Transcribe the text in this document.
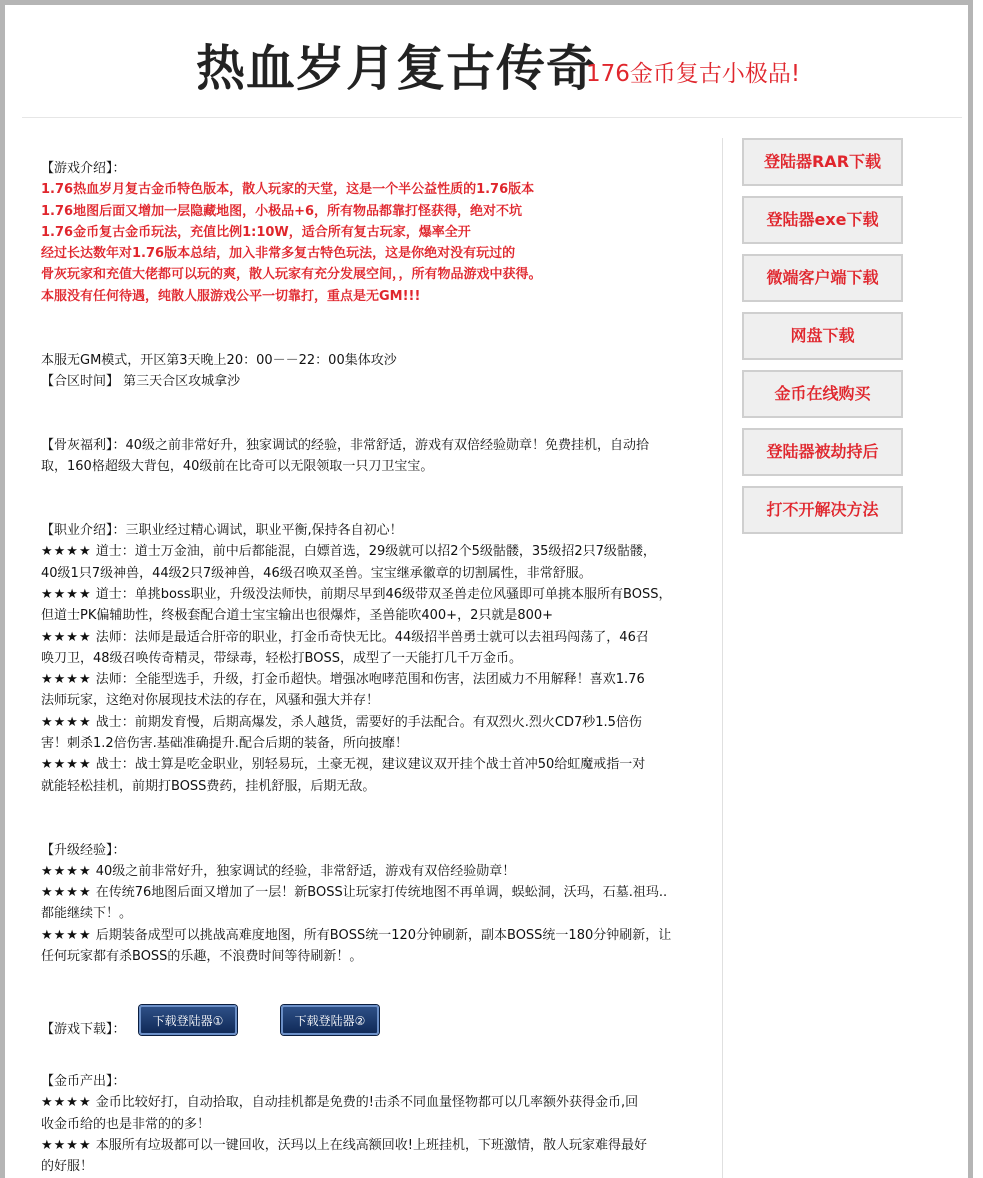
热血岁月复古传奇
176金币复古小极品!
登陆器RAR下载
登陆器exe下载
微端客户端下载
网盘下载
金币在线购买
登陆器被劫持后
打不开解决方法

【游戏介绍】：

1.76热血岁月复古金币特色版本，散人玩家的天堂，这是一个半公益性质的1.76版本

1.76地图后面又增加一层隐藏地图，小极品+6，所有物品都靠打怪获得，绝对不坑

1.76金币复古金币玩法，充值比例1:10W，适合所有复古玩家，爆率全开

经过长达数年对1.76版本总结，加入非常多复古特色玩法，这是你绝对没有玩过的

骨灰玩家和充值大佬都可以玩的爽，散人玩家有充分发展空间，，所有物品游戏中获得。

本服没有任何待遇，纯散人服游戏公平一切靠打，重点是无GM!!!

本服无GM模式，开区第3天晚上20：00－－22：00集体攻沙

【合区时间】 第三天合区攻城拿沙

【骨灰福利】：40级之前非常好升，独家调试的经验，非常舒适，游戏有双倍经验勋章！免费挂机，自动拾

取，160格超级大背包，40级前在比奇可以无限领取一只刀卫宝宝。

【职业介绍】：三职业经过精心调试，职业平衡,保持各自初心！

★★★★ 道士：道士万金油，前中后都能混，白嫖首选，29级就可以招2个5级骷髅，35级招2只7级骷髅，

40级1只7级神兽，44级2只7级神兽，46级召唤双圣兽。宝宝继承徽章的切割属性，非常舒服。

★★★★ 道士：单挑boss职业，升级没法师快，前期尽早到46级带双圣兽走位风骚即可单挑本服所有BOSS，

但道士PK偏辅助性，终极套配合道士宝宝输出也很爆炸，圣兽能吹400+，2只就是800+

★★★★ 法师：法师是最适合肝帝的职业，打金币奇快无比。44级招半兽勇士就可以去祖玛闯荡了，46召

唤刀卫，48级召唤传奇精灵，带绿毒，轻松打BOSS，成型了一天能打几千万金币。

★★★★ 法师：全能型选手，升级，打金币超快。增强冰咆哮范围和伤害，法团威力不用解释！喜欢1.76

法师玩家，这绝对你展现技术法的存在，风骚和强大并存！

★★★★ 战士：前期发育慢，后期高爆发，杀人越货，需要好的手法配合。有双烈火.烈火CD7秒1.5倍伤

害！刺杀1.2倍伤害.基础准确提升.配合后期的装备，所向披靡！

★★★★ 战士：战士算是吃金职业，别轻易玩，土豪无视，建议建议双开挂个战士首冲50给虹魔戒指一对

就能轻松挂机，前期打BOSS费药，挂机舒服，后期无敌。

【升级经验】：

★★★★ 40级之前非常好升，独家调试的经验，非常舒适，游戏有双倍经验勋章！

★★★★ 在传统76地图后面又增加了一层！新BOSS让玩家打传统地图不再单调，蜈蚣洞，沃玛，石墓.祖玛..

都能继续下！。

★★★★ 后期装备成型可以挑战高难度地图，所有BOSS统一120分钟刷新，副本BOSS统一180分钟刷新，让

任何玩家都有杀BOSS的乐趣，不浪费时间等待刷新！。

【游戏下载】：
下载登陆器①	下载登陆器②

【金币产出】：

★★★★ 金币比较好打，自动拾取，自动挂机都是免费的!击杀不同血量怪物都可以几率额外获得金币,回

收金币给的也是非常的的多！

★★★★ 本服所有垃圾都可以一键回收，沃玛以上在线高额回收!上班挂机，下班激情，散人玩家难得最好

的好服！
